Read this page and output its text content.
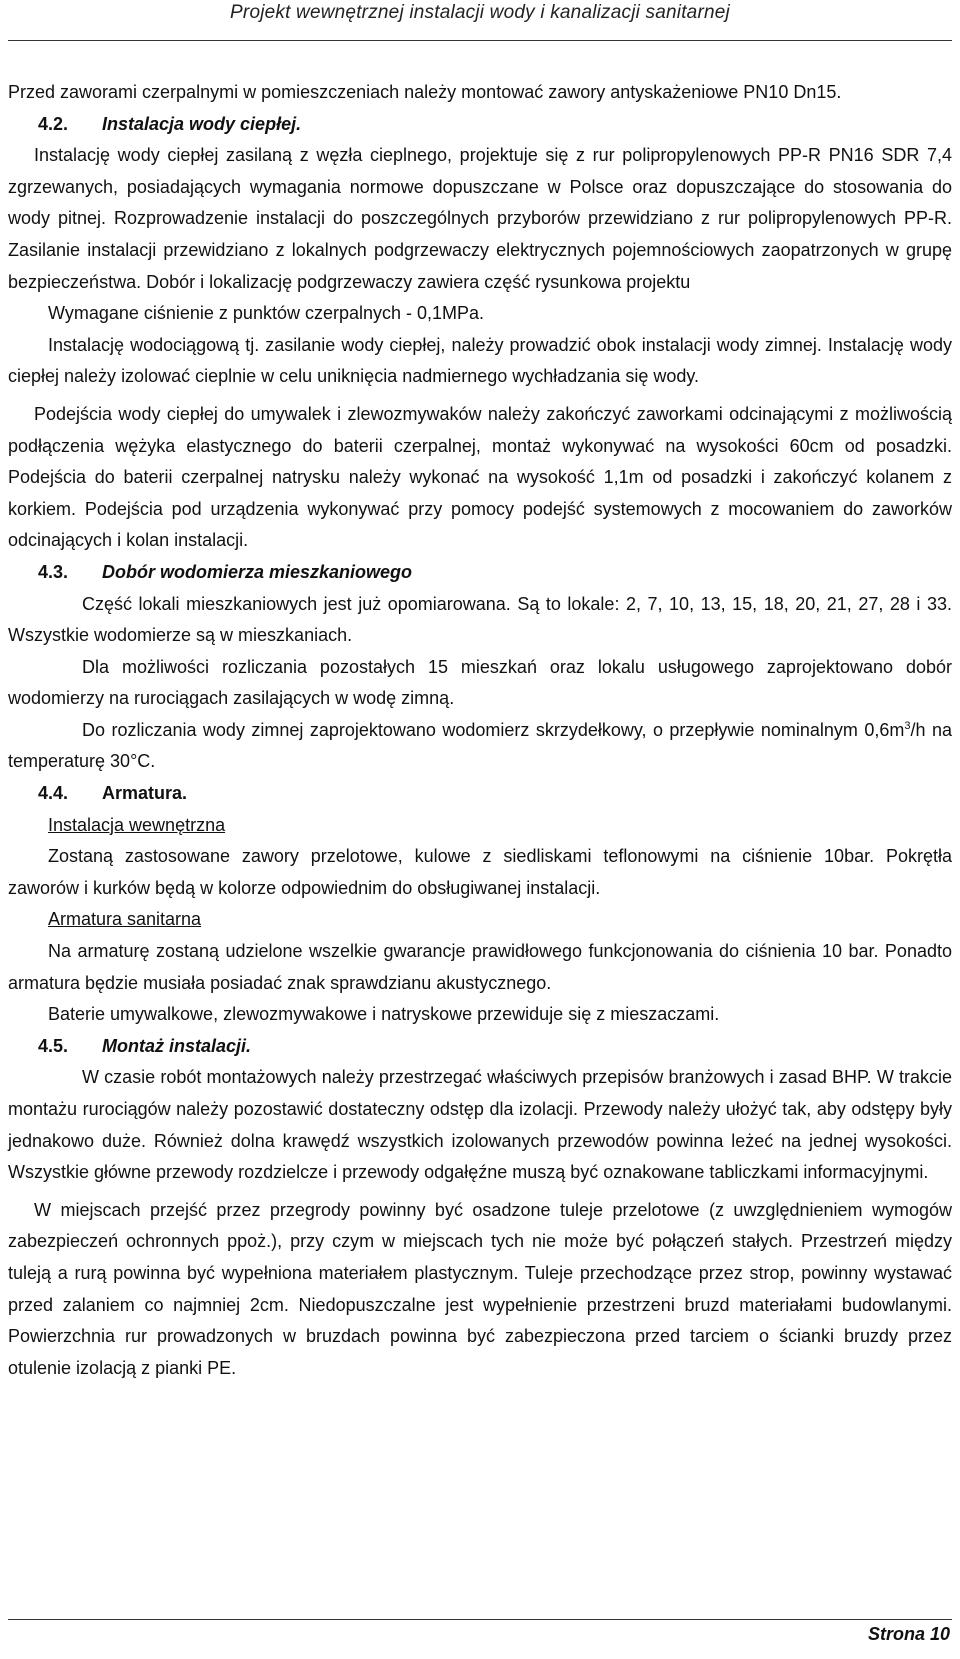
Projekt wewnętrznej instalacji wody i kanalizacji sanitarnej

Przed zaworami czerpalnymi w pomieszczeniach należy montować zawory antyskażeniowe PN10 Dn15.

4.2.	Instalacja wody ciepłej.

Instalację wody ciepłej zasilaną z węzła cieplnego, projektuje się z rur polipropylenowych PP-R PN16 SDR 7,4 zgrzewanych, posiadających wymagania normowe dopuszczane w Polsce oraz dopuszczające do stosowania do wody pitnej. Rozprowadzenie instalacji do poszczególnych przyborów przewidziano z rur polipropylenowych PP-R. Zasilanie instalacji przewidziano z lokalnych podgrzewaczy elektrycznych pojemnościowych zaopatrzonych w grupę bezpieczeństwa. Dobór i lokalizację podgrzewaczy zawiera część rysunkowa projektu

Wymagane ciśnienie z punktów czerpalnych - 0,1MPa.

Instalację wodociągową tj. zasilanie wody ciepłej, należy prowadzić obok instalacji wody zimnej. Instalację wody ciepłej należy izolować cieplnie w celu uniknięcia nadmiernego wychładzania się wody.

Podejścia wody ciepłej do umywalek i zlewozmywaków należy zakończyć zaworkami odcinającymi z możliwością podłączenia wężyka elastycznego do baterii czerpalnej, montaż wykonywać na wysokości 60cm od posadzki. Podejścia do baterii czerpalnej natrysku należy wykonać na wysokość 1,1m od posadzki i zakończyć kolanem z korkiem. Podejścia pod urządzenia wykonywać przy pomocy podejść systemowych z mocowaniem do zaworków odcinających i kolan instalacji.

4.3.	Dobór wodomierza mieszkaniowego

Część lokali mieszkaniowych jest już opomiarowana. Są to lokale: 2, 7, 10, 13, 15, 18, 20, 21, 27, 28 i 33. Wszystkie wodomierze są w mieszkaniach.

Dla możliwości rozliczania pozostałych 15 mieszkań oraz lokalu usługowego zaprojektowano dobór wodomierzy na rurociągach zasilających w wodę zimną.

Do rozliczania wody zimnej zaprojektowano wodomierz skrzydełkowy, o przepływie nominalnym $0,6m^3/h$ na temperaturę 30°C.

4.4.	Armatura.

Instalacja wewnętrzna

Zostaną zastosowane zawory przelotowe, kulowe z siedliskami teflonowymi na ciśnienie 10bar. Pokrętła zaworów i kurków będą w kolorze odpowiednim do obsługiwanej instalacji.

Armatura sanitarna

Na armaturę zostaną udzielone wszelkie gwarancje prawidłowego funkcjonowania do ciśnienia 10 bar. Ponadto armatura będzie musiała posiadać znak sprawdzianu akustycznego.

Baterie umywalkowe, zlewozmywakowe i natryskowe przewiduje się z mieszaczami.

4.5.	Montaż instalacji.

W czasie robót montażowych należy przestrzegać właściwych przepisów branżowych i zasad BHP. W trakcie montażu rurociągów należy pozostawić dostateczny odstęp dla izolacji. Przewody należy ułożyć tak, aby odstępy były jednakowo duże. Również dolna krawędź wszystkich izolowanych przewodów powinna leżeć na jednej wysokości. Wszystkie główne przewody rozdzielcze i przewody odgałęźne muszą być oznakowane tabliczkami informacyjnymi.

W miejscach przejść przez przegrody powinny być osadzone tuleje przelotowe (z uwzględnieniem wymogów zabezpieczeń ochronnych ppoż.), przy czym w miejscach tych nie może być połączeń stałych. Przestrzeń między tuleją a rurą powinna być wypełniona materiałem plastycznym. Tuleje przechodzące przez strop, powinny wystawać przed zalaniem co najmniej 2cm. Niedopuszczalne jest wypełnienie przestrzeni bruzd materiałami budowlanymi. Powierzchnia rur prowadzonych w bruzdach powinna być zabezpieczona przed tarciem o ścianki bruzdy przez otulenie izolacją z pianki PE.

Strona 10
